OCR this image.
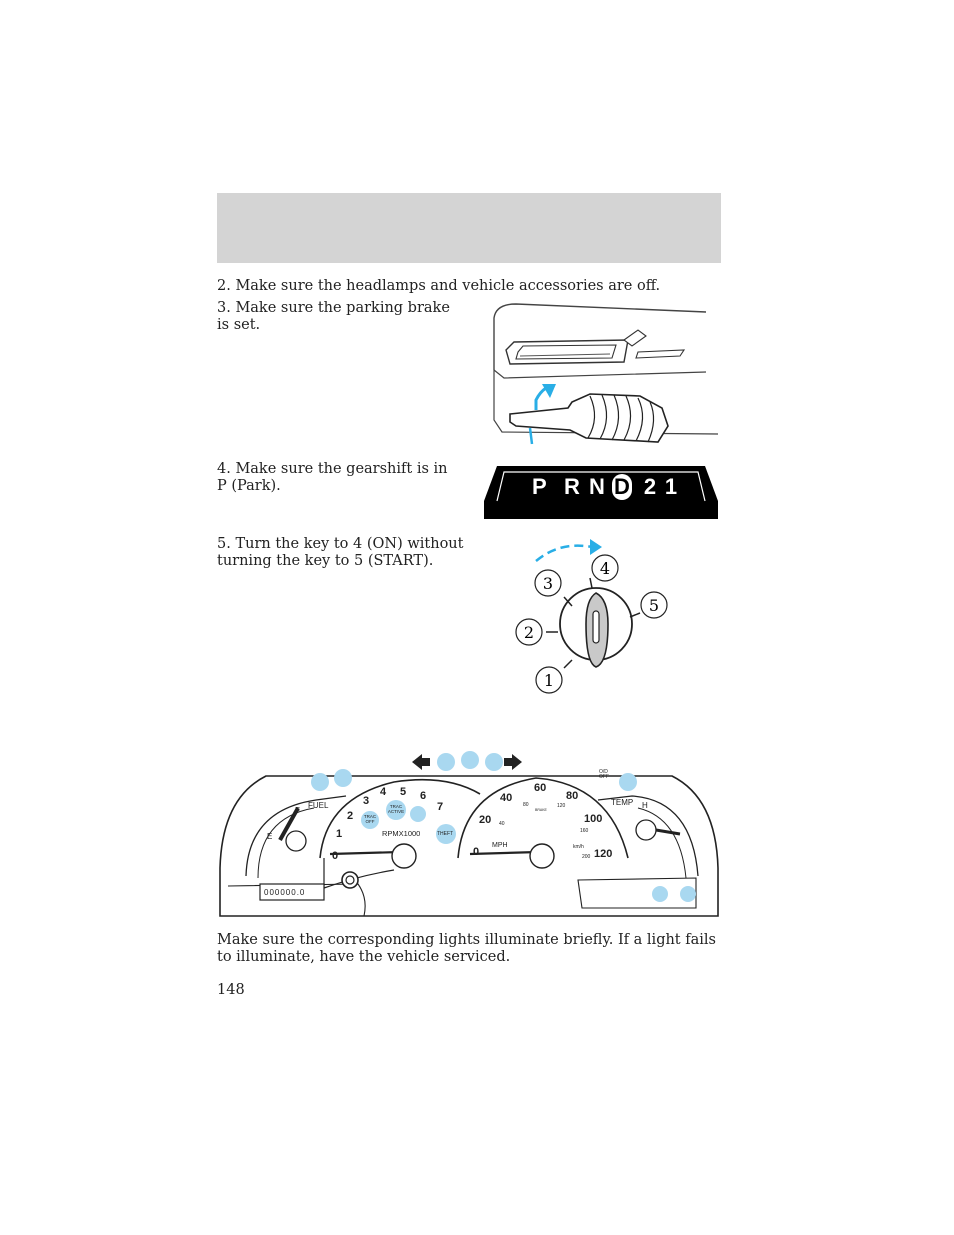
2. Make sure the headlamps and vehicle accessories are off.

3. Make sure the parking brake is set.

4. Make sure the gearshift is in P (Park).

5. Turn the key to 4 (ON) without turning the key to 5 (START).

P R N D 2 1
1
2
3
4
5
FUEL
F
E	RPMX1000
0
1
2
3
4 5 6
7
TRAC
OFF
TRAC
ACTIVE
THEFT
0
20
40
60
80
100
120
MPH	km/h
40
80	120
160
200
BRAKE
O/D
OFF
TEMP H
000000.0

Make sure the corresponding lights illuminate briefly. If a light fails to illuminate, have the vehicle serviced.

148
